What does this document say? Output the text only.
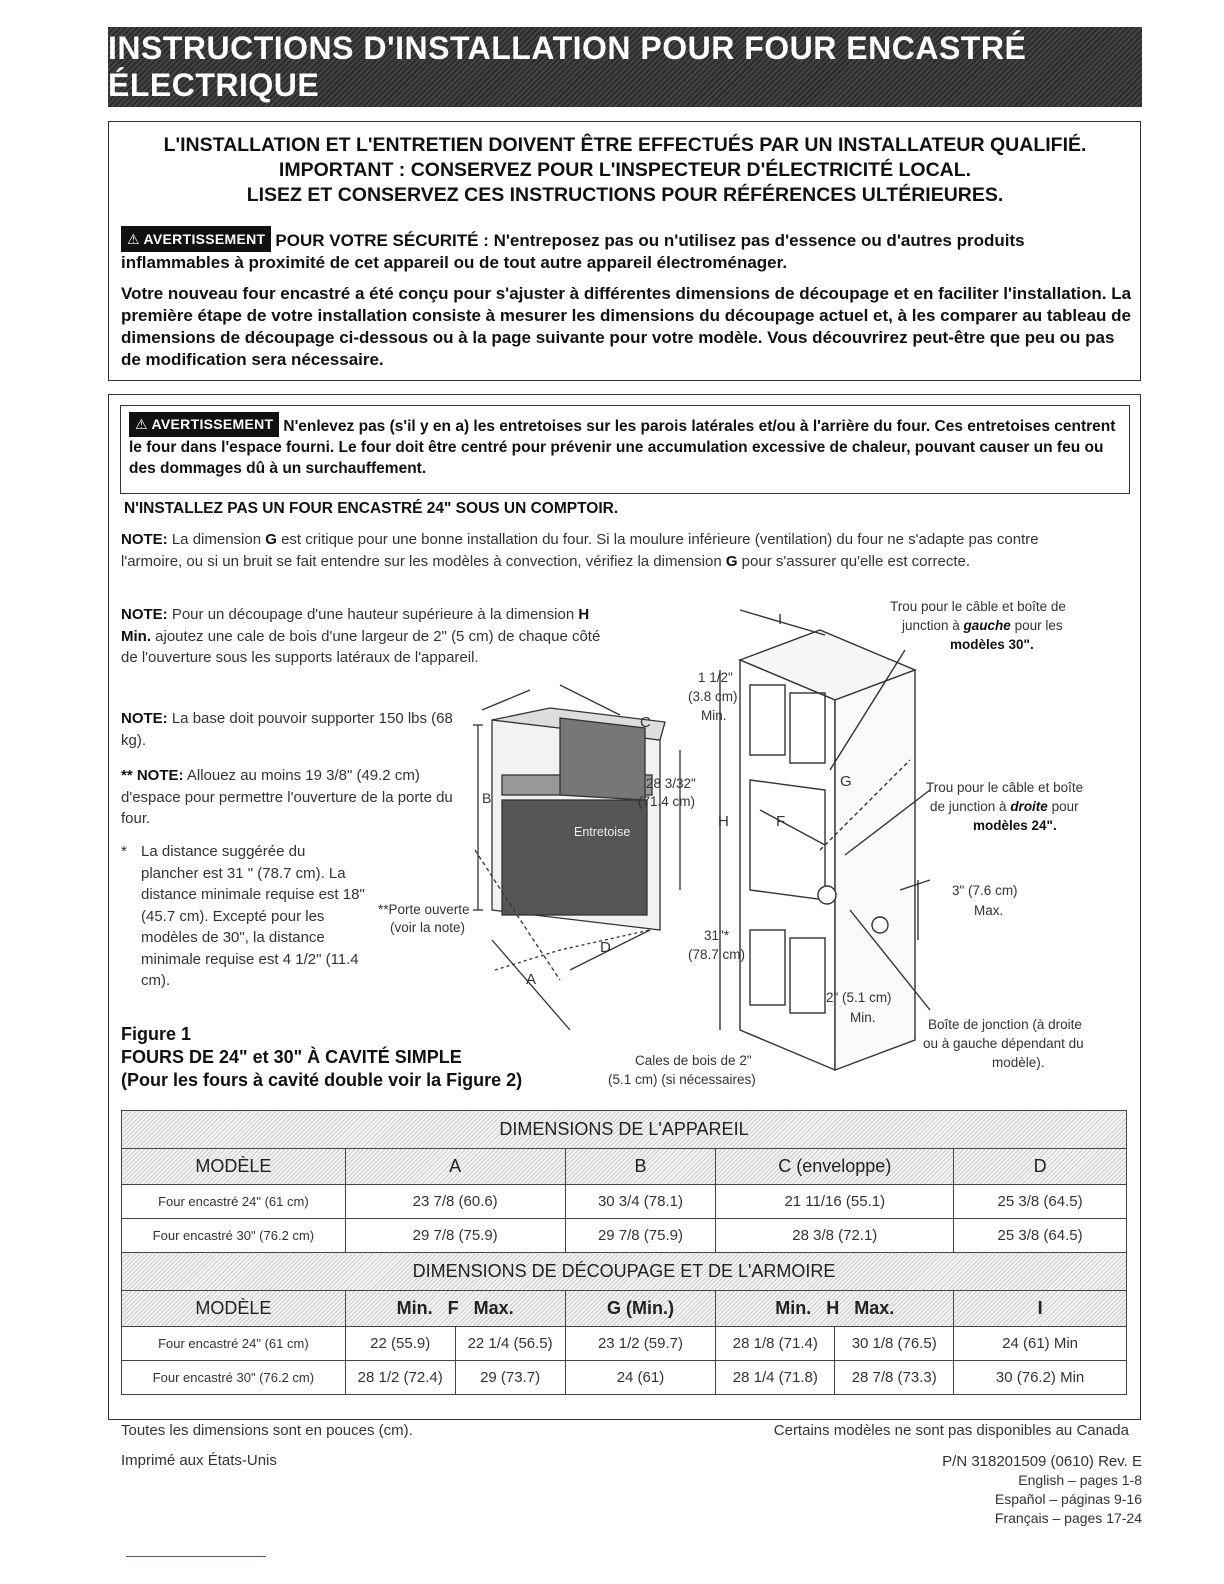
INSTRUCTIONS D'INSTALLATION POUR FOUR ENCASTRÉ ÉLECTRIQUE
L'INSTALLATION ET L'ENTRETIEN DOIVENT ÊTRE EFFECTUÉS PAR UN INSTALLATEUR QUALIFIÉ.
IMPORTANT : CONSERVEZ POUR L'INSPECTEUR D'ÉLECTRICITÉ LOCAL.
LISEZ ET CONSERVEZ CES INSTRUCTIONS POUR RÉFÉRENCES ULTÉRIEURES.
⚠ AVERTISSEMENT POUR VOTRE SÉCURITÉ : N'entreposez pas ou n'utilisez pas d'essence ou d'autres produits inflammables à proximité de cet appareil ou de tout autre appareil électroménager.
Votre nouveau four encastré a été conçu pour s'ajuster à différentes dimensions de découpage et en faciliter l'installation. La première étape de votre installation consiste à mesurer les dimensions du découpage actuel et, à les comparer au tableau de dimensions de découpage ci-dessous ou à la page suivante pour votre modèle. Vous découvrirez peut-être que peu ou pas de modification sera nécessaire.
⚠ AVERTISSEMENT N'enlevez pas (s'il y en a) les entretoises sur les parois latérales et/ou à l'arrière du four. Ces entretoises centrent le four dans l'espace fourni. Le four doit être centré pour prévenir une accumulation excessive de chaleur, pouvant causer un feu ou des dommages dû à un surchauffement.
N'INSTALLEZ PAS UN FOUR ENCASTRÉ 24" SOUS UN COMPTOIR.
NOTE: La dimension G est critique pour une bonne installation du four. Si la moulure inférieure (ventilation) du four ne s'adapte pas contre l'armoire, ou si un bruit se fait entendre sur les modèles à convection, vérifiez la dimension G pour s'assurer qu'elle est correcte.
NOTE: Pour un découpage d'une hauteur supérieure à la dimension H Min. ajoutez une cale de bois d'une largeur de 2" (5 cm) de chaque côté de l'ouverture sous les supports latéraux de l'appareil.
NOTE: La base doit pouvoir supporter 150 lbs (68 kg).
** NOTE: Allouez au moins 19 3/8" (49.2 cm) d'espace pour permettre l'ouverture de la porte du four.
* La distance suggérée du plancher est 31 " (78.7 cm). La distance minimale requise est 18" (45.7 cm). Excepté pour les modèles de 30", la distance minimale requise est 4 1/2" (11.4 cm).
Figure 1
FOURS DE 24" et 30" À CAVITÉ SIMPLE
(Pour les fours à cavité double voir la Figure 2)
B
C
D
A
Entretoise
28 3/32"
(71.4 cm)
**Porte ouverte
(voir la note)
I
H	F
G
1 1/2"
(3.8 cm)
Min.
31"*
(78.7 cm)
2" (5.1 cm)
Min.
3" (7.6 cm)
Max.
Trou pour le câble et boîte de
junction à gauche pour les
modèles 30".
Trou pour le câble et boîte
de junction à droite pour
modèles 24".
Boîte de jonction (à droite
ou à gauche dépendant du
modèle).
Cales de bois de 2"
(5.1 cm) (si nécessaires)
DIMENSIONS DE L'APPAREIL						
MODÈLE	A		B	C (enveloppe)		D
Four encastré 24" (61 cm)	23 7/8 (60.6)		30 3/4 (78.1)	21 11/16 (55.1)		25 3/8 (64.5)
Four encastré 30" (76.2 cm)	29 7/8 (75.9)		29 7/8 (75.9)	28 3/8 (72.1)		25 3/8 (64.5)
DIMENSIONS DE DÉCOUPAGE ET DE L'ARMOIRE						
MODÈLE	Min.   F   Max.		G (Min.)	Min.   H   Max.		I
Four encastré 24" (61 cm)	22 (55.9)	22 1/4 (56.5)	23 1/2 (59.7)	28 1/8 (71.4)	30 1/8 (76.5)	24 (61) Min
Four encastré 30" (76.2 cm)	28 1/2 (72.4)	29 (73.7)	24 (61)	28 1/4 (71.8)	28 7/8 (73.3)	30 (76.2) Min
Toutes les dimensions sont en pouces (cm).	Certains modèles ne sont pas disponibles au Canada
Imprimé aux États-Unis	P/N 318201509 (0610) Rev. E
English – pages 1-8
Español – páginas 9-16
Français – pages 17-24
